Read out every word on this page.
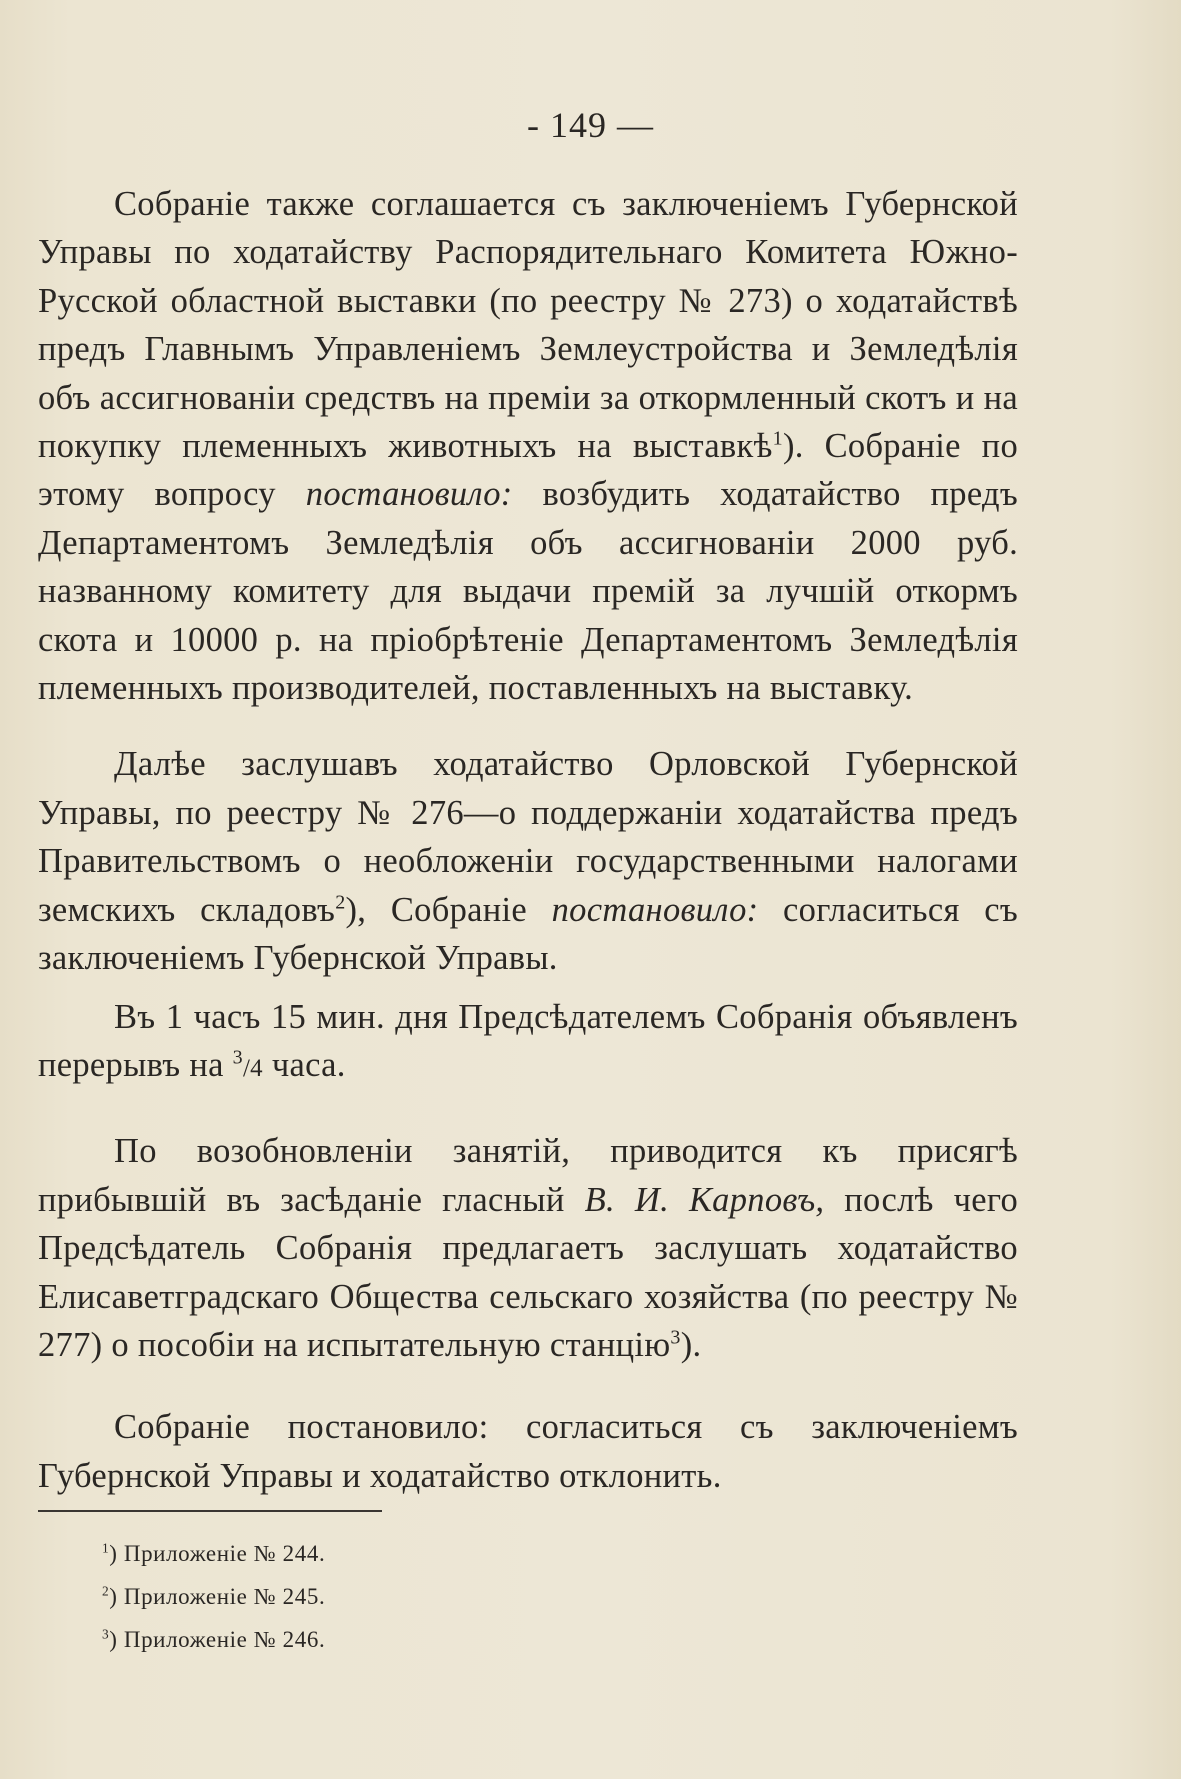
- 149 —

Собраніе также соглашается съ заключеніемъ Губернской Управы по ходатайству Распорядительнаго Комитета Южно-Русской областной выставки (по реестру № 273) о ходатайствѣ предъ Главнымъ Управленіемъ Землеустройства и Земледѣлія объ ассигнованіи средствъ на преміи за откормленный скотъ и на покупку племенныхъ животныхъ на выставкѣ$^1$). Собраніе по этому вопросу постановило: возбудить ходатайство предъ Департаментомъ Земледѣлія объ ассигнованіи 2000 руб. названному комитету для выдачи премій за лучшій откормъ скота и 10000 р. на пріобрѣтеніе Департаментомъ Земледѣлія племенныхъ производителей, поставленныхъ на выставку.

Далѣе заслушавъ ходатайство Орловской Губернской Управы, по реестру № 276—о поддержаніи ходатайства предъ Правительствомъ о необложеніи государственными налогами земскихъ складовъ$^2$), Собраніе постановило: согласиться съ заключеніемъ Губернской Управы.

Въ 1 часъ 15 мин. дня Предсѣдателемъ Собранія объявленъ перерывъ на $^3$/4 часа.

По возобновленіи занятій, приводится къ присягѣ прибывшій въ засѣданіе гласный В. И. Карповъ, послѣ чего Предсѣдатель Собранія предлагаетъ заслушать ходатайство Елисаветградскаго Общества сельскаго хозяйства (по реестру № 277) о пособіи на испытательную станцію$^3$).

Собраніе постановило: согласиться съ заключеніемъ Губернской Управы и ходатайство отклонить.

$^1$) Приложеніе № 244.

$^2$) Приложеніе № 245.

$^3$) Приложеніе № 246.
